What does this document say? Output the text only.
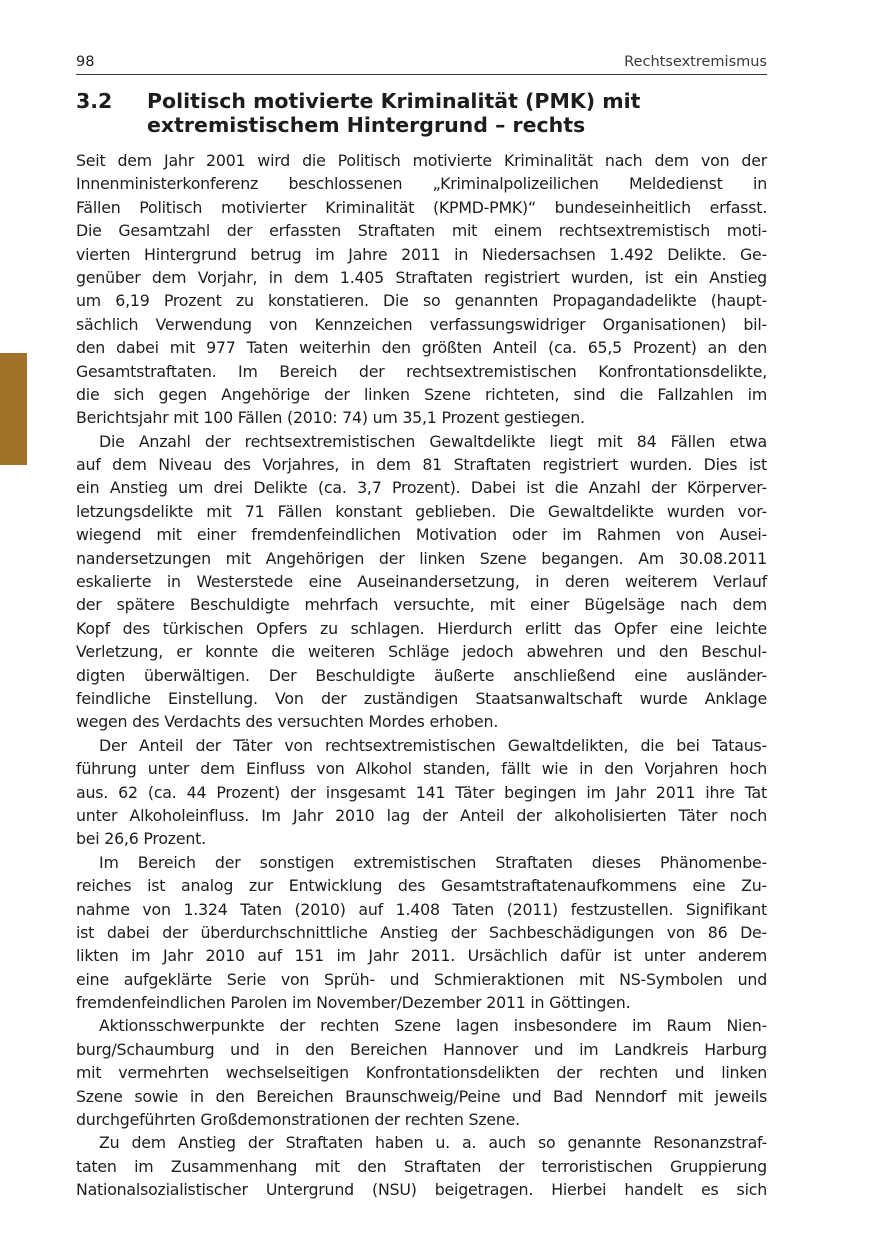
98	Rechtsextremismus
3.2 Politisch motivierte Kriminalität (PMK) mit
extremistischem Hintergrund – rechts
Seit dem Jahr 2001 wird die Politisch motivierte Kriminalität nach dem von der
Innenministerkonferenz beschlossenen „Kriminalpolizeilichen Meldedienst in
Fällen Politisch motivierter Kriminalität (KPMD-PMK)“ bundeseinheitlich erfasst.
Die Gesamtzahl der erfassten Straftaten mit einem rechtsextremistisch moti-
vierten Hintergrund betrug im Jahre 2011 in Niedersachsen 1.492 Delikte. Ge-
genüber dem Vorjahr, in dem 1.405 Straftaten registriert wurden, ist ein Anstieg
um 6,19 Prozent zu konstatieren. Die so genannten Propagandadelikte (haupt-
sächlich Verwendung von Kennzeichen verfassungswidriger Organisationen) bil-
den dabei mit 977 Taten weiterhin den größten Anteil (ca. 65,5 Prozent) an den
Gesamtstraftaten. Im Bereich der rechtsextremistischen Konfrontationsdelikte,
die sich gegen Angehörige der linken Szene richteten, sind die Fallzahlen im
Berichtsjahr mit 100 Fällen (2010: 74) um 35,1 Prozent gestiegen.
Die Anzahl der rechtsextremistischen Gewaltdelikte liegt mit 84 Fällen etwa
auf dem Niveau des Vorjahres, in dem 81 Straftaten registriert wurden. Dies ist
ein Anstieg um drei Delikte (ca. 3,7 Prozent). Dabei ist die Anzahl der Körperver-
letzungsdelikte mit 71 Fällen konstant geblieben. Die Gewaltdelikte wurden vor-
wiegend mit einer fremdenfeindlichen Motivation oder im Rahmen von Ausei-
nandersetzungen mit Angehörigen der linken Szene begangen. Am 30.08.2011
eskalierte in Westerstede eine Auseinandersetzung, in deren weiterem Verlauf
der spätere Beschuldigte mehrfach versuchte, mit einer Bügelsäge nach dem
Kopf des türkischen Opfers zu schlagen. Hierdurch erlitt das Opfer eine leichte
Verletzung, er konnte die weiteren Schläge jedoch abwehren und den Beschul-
digten überwältigen. Der Beschuldigte äußerte anschließend eine ausländer-
feindliche Einstellung. Von der zuständigen Staatsanwaltschaft wurde Anklage
wegen des Verdachts des versuchten Mordes erhoben.
Der Anteil der Täter von rechtsextremistischen Gewaltdelikten, die bei Tataus-
führung unter dem Einfluss von Alkohol standen, fällt wie in den Vorjahren hoch
aus. 62 (ca. 44 Prozent) der insgesamt 141 Täter begingen im Jahr 2011 ihre Tat
unter Alkoholeinfluss. Im Jahr 2010 lag der Anteil der alkoholisierten Täter noch
bei 26,6 Prozent.
Im Bereich der sonstigen extremistischen Straftaten dieses Phänomenbe-
reiches ist analog zur Entwicklung des Gesamtstraftatenaufkommens eine Zu-
nahme von 1.324 Taten (2010) auf 1.408 Taten (2011) festzustellen. Signifikant
ist dabei der überdurchschnittliche Anstieg der Sachbeschädigungen von 86 De-
likten im Jahr 2010 auf 151 im Jahr 2011. Ursächlich dafür ist unter anderem
eine aufgeklärte Serie von Sprüh- und Schmieraktionen mit NS-Symbolen und
fremdenfeindlichen Parolen im November/Dezember 2011 in Göttingen.
Aktionsschwerpunkte der rechten Szene lagen insbesondere im Raum Nien-
burg/Schaumburg und in den Bereichen Hannover und im Landkreis Harburg
mit vermehrten wechselseitigen Konfrontationsdelikten der rechten und linken
Szene sowie in den Bereichen Braunschweig/Peine und Bad Nenndorf mit jeweils
durchgeführten Großdemonstrationen der rechten Szene.
Zu dem Anstieg der Straftaten haben u. a. auch so genannte Resonanzstraf-
taten im Zusammenhang mit den Straftaten der terroristischen Gruppierung
Nationalsozialistischer Untergrund (NSU) beigetragen. Hierbei handelt es sich
